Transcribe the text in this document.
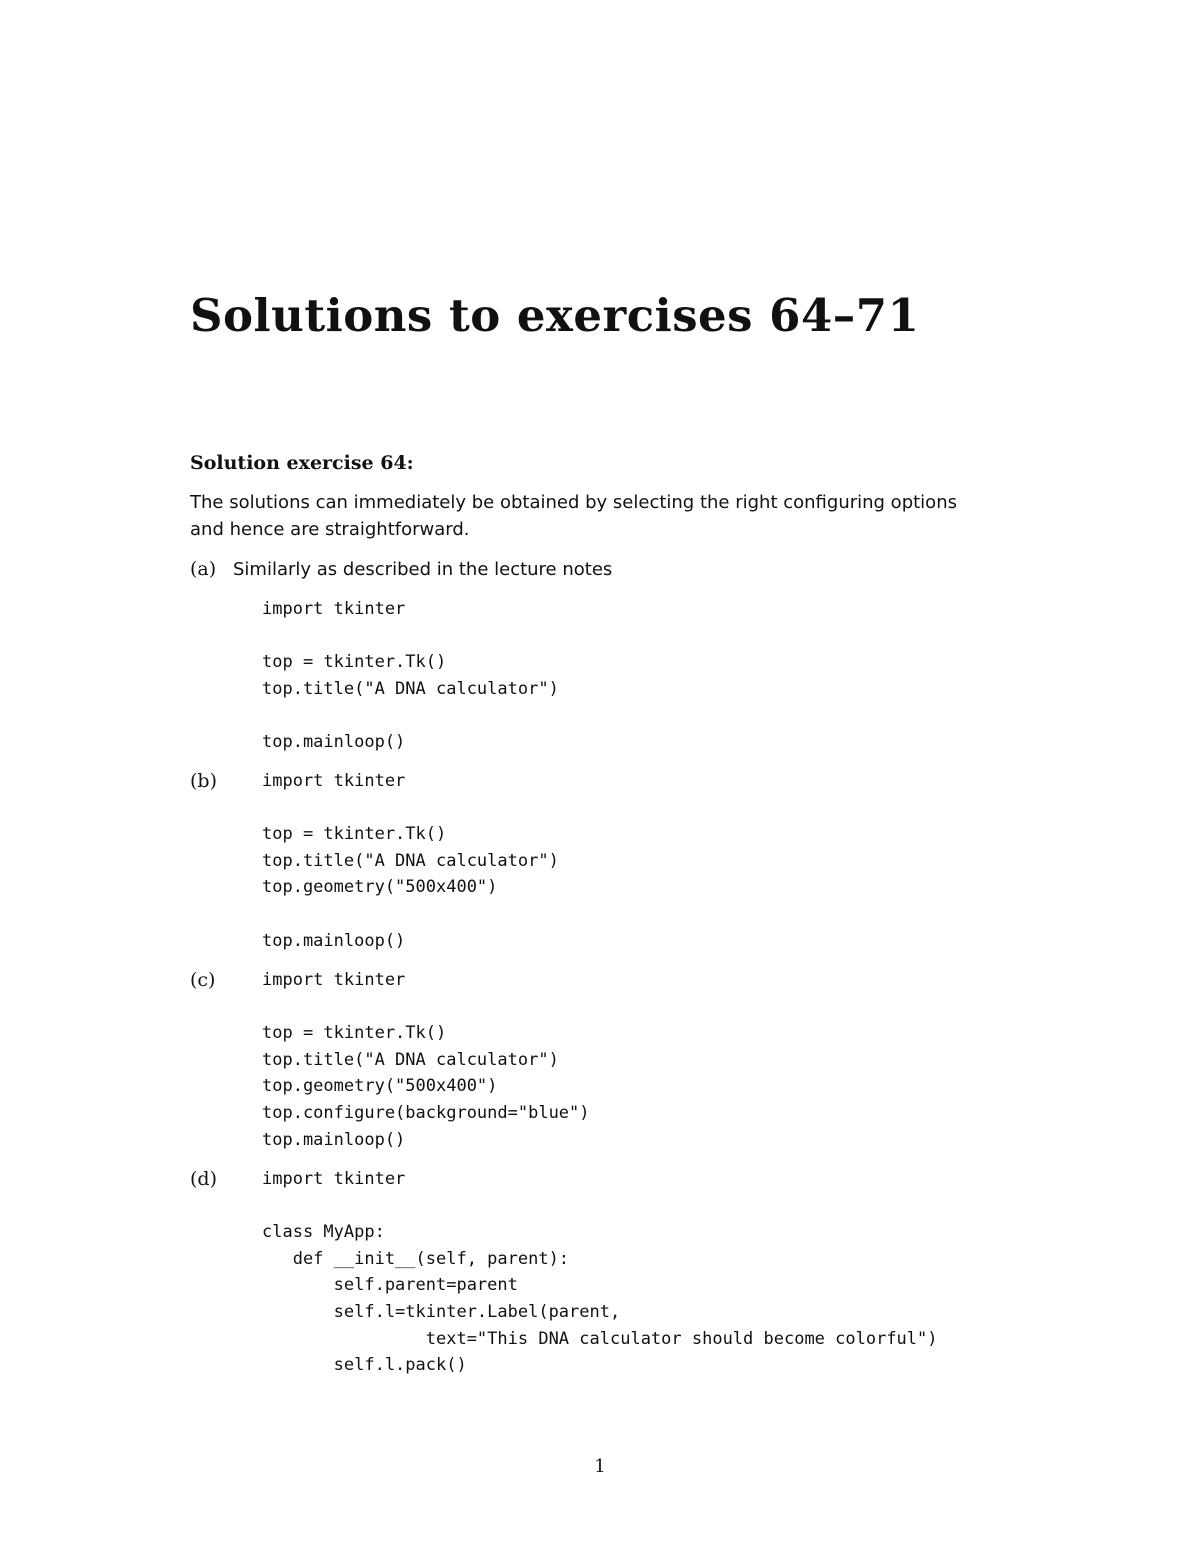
Solutions to exercises 64–71
Solution exercise 64:

The solutions can immediately be obtained by selecting the right configuring options
and hence are straightforward.

(a) Similarly as described in the lecture notes
import tkinter

top = tkinter.Tk()
top.title("A DNA calculator")

top.mainloop()
(b)	import tkinter

top = tkinter.Tk()
top.title("A DNA calculator")
top.geometry("500x400")

top.mainloop()
(c)	import tkinter

top = tkinter.Tk()
top.title("A DNA calculator")
top.geometry("500x400")
top.configure(background="blue")
top.mainloop()
(d)	import tkinter

class MyApp:
def __init__(self, parent):
self.parent=parent
self.l=tkinter.Label(parent,
text="This DNA calculator should become colorful")
self.l.pack()
1
